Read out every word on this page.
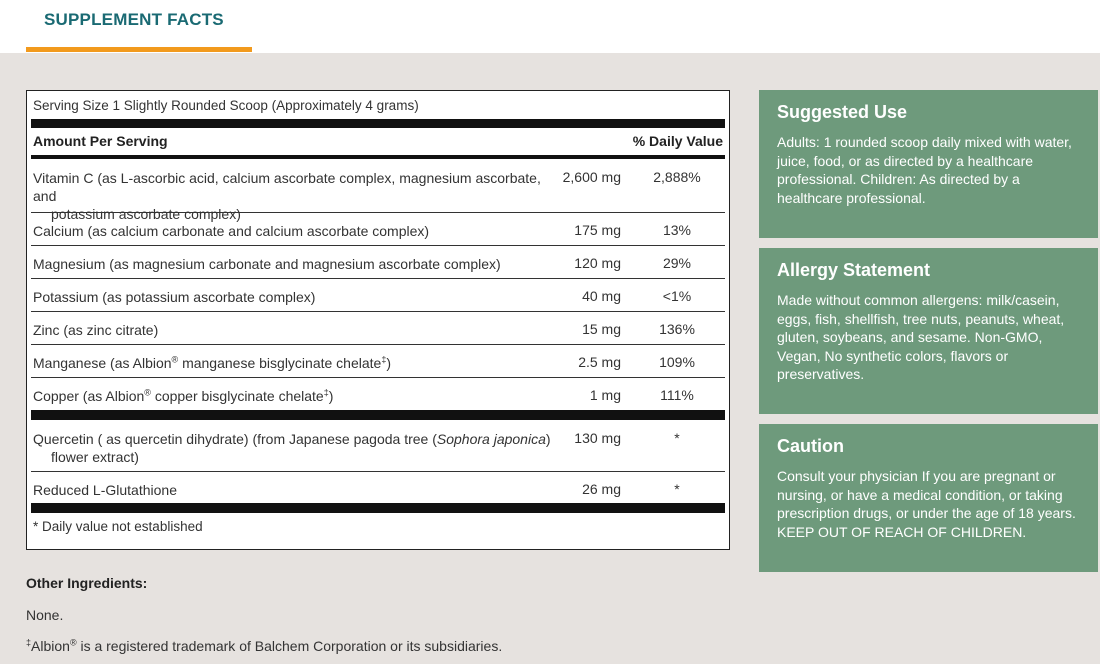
SUPPLEMENT FACTS
Serving Size 1 Slightly Rounded Scoop (Approximately 4 grams)
Amount Per Serving	% Daily Value
Vitamin C (as L-ascorbic acid, calcium ascorbate complex, magnesium ascorbate, and
potassium ascorbate complex)
2,600 mg	2,888%
Calcium (as calcium carbonate and calcium ascorbate complex)	175 mg	13%
Magnesium (as magnesium carbonate and magnesium ascorbate complex)	120 mg	29%
Potassium (as potassium ascorbate complex)	40 mg	<1%
Zinc (as zinc citrate)	15 mg	136%
Manganese (as Albion® manganese bisglycinate chelate‡)	2.5 mg	109%
Copper (as Albion® copper bisglycinate chelate‡)	1 mg	111%
Quercetin ( as quercetin dihydrate) (from Japanese pagoda tree (Sophora japonica)
flower extract)
130 mg	*
Reduced L-Glutathione	26 mg	*
* Daily value not established
Other Ingredients:
None.
‡Albion® is a registered trademark of Balchem Corporation or its subsidiaries.
Suggested Use

Adults: 1 rounded scoop daily mixed with water, juice, food, or as directed by a healthcare professional. Children: As directed by a healthcare professional.

Allergy Statement

Made without common allergens: milk/casein, eggs, fish, shellfish, tree nuts, peanuts, wheat, gluten, soybeans, and sesame. Non-GMO, Vegan, No synthetic colors, flavors or preservatives.

Caution

Consult your physician If you are pregnant or nursing, or have a medical condition, or taking prescription drugs, or under the age of 18 years. KEEP OUT OF REACH OF CHILDREN.
